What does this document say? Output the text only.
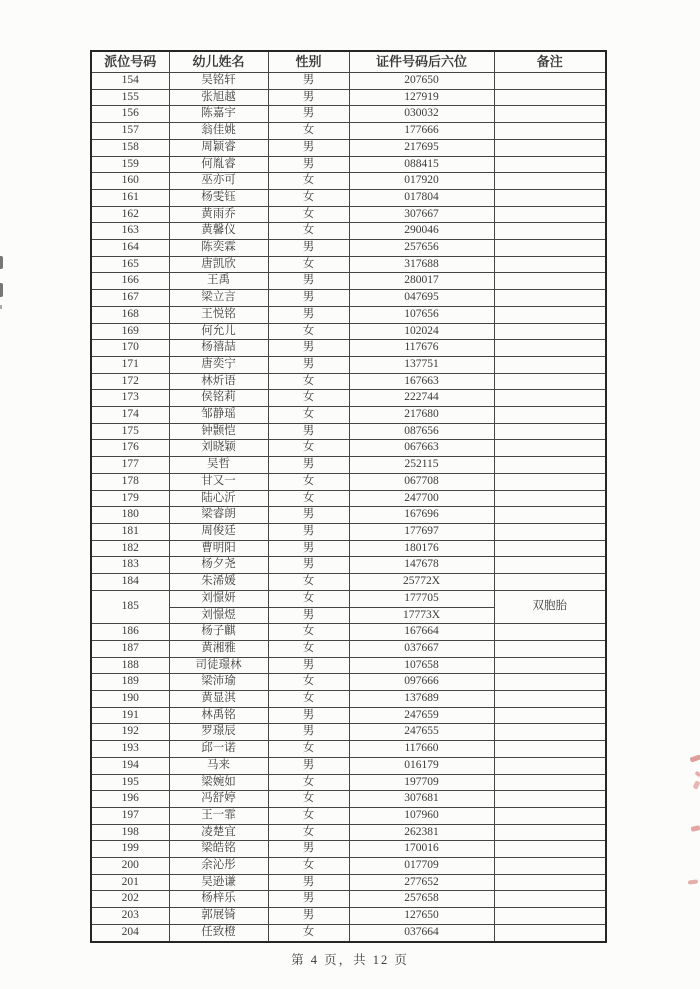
派位号码	幼儿姓名	性别	证件号码后六位	备注
154	吴铭轩	男	207650	
155	张旭越	男	127919	
156	陈嘉宇	男	030032	
157	翁佳姚	女	177666	
158	周颖睿	男	217695	
159	何胤睿	男	088415	
160	巫亦可	女	017920	
161	杨雯钰	女	017804	
162	黄雨乔	女	307667	
163	黄馨仪	女	290046	
164	陈奕霖	男	257656	
165	唐凯欣	女	317688	
166	王禹	男	280017	
167	梁立言	男	047695	
168	王悦铭	男	107656	
169	何允儿	女	102024	
170	杨禧喆	男	117676	
171	唐奕宁	男	137751	
172	林炘语	女	167663	
173	侯铭莉	女	222744	
174	邹静瑶	女	217680	
175	钟颢恺	男	087656	
176	刘晓颖	女	067663	
177	吴哲	男	252115	
178	甘又一	女	067708	
179	陆心沂	女	247700	
180	梁睿朗	男	167696	
181	周俊廷	男	177697	
182	曹明阳	男	180176	
183	杨夕尧	男	147678	
184	朱浠媛	女	25772X	
185	刘憬妍	女	177705	双胞胎
	刘憬煜	男	17773X	
186	杨子麒	女	167664	
187	黄湘雅	女	037667	
188	司徒璟林	男	107658	
189	梁沛瑜	女	097666	
190	黄显淇	女	137689	
191	林禹铭	男	247659	
192	罗璟辰	男	247655	
193	邱一诺	女	117660	
194	马来	男	016179	
195	梁婉如	女	197709	
196	冯舒婷	女	307681	
197	王一霏	女	107960	
198	凌楚宜	女	262381	
199	梁皓铭	男	170016	
200	余沁彤	女	017709	
201	吴逊谦	男	277652	
202	杨梓乐	男	257658	
203	郭展锜	男	127650	
204	任致橙	女	037664	
第 4 页，共 12 页
